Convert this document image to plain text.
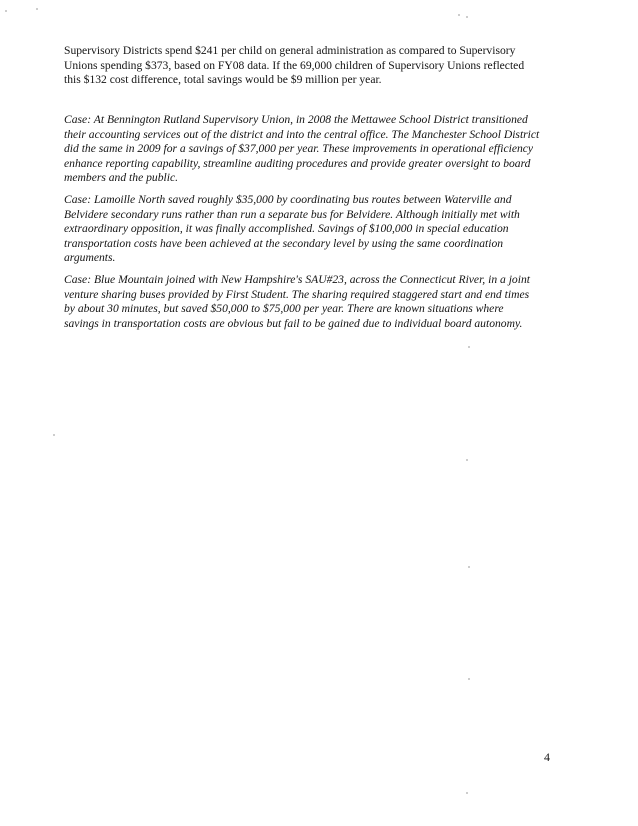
Supervisory Districts spend $241 per child on general administration as compared to Supervisory
Unions spending $373, based on FY08 data. If the 69,000 children of Supervisory Unions reflected
this $132 cost difference, total savings would be $9 million per year.
Case: At Bennington Rutland Supervisory Union, in 2008 the Mettawee School District transitioned
their accounting services out of the district and into the central office. The Manchester School District
did the same in 2009 for a savings of $37,000 per year. These improvements in operational efficiency
enhance reporting capability, streamline auditing procedures and provide greater oversight to board
members and the public.
Case: Lamoille North saved roughly $35,000 by coordinating bus routes between Waterville and
Belvidere secondary runs rather than run a separate bus for Belvidere. Although initially met with
extraordinary opposition, it was finally accomplished. Savings of $100,000 in special education
transportation costs have been achieved at the secondary level by using the same coordination
arguments.
Case: Blue Mountain joined with New Hampshire's SAU#23, across the Connecticut River, in a joint
venture sharing buses provided by First Student. The sharing required staggered start and end times
by about 30 minutes, but saved $50,000 to $75,000 per year. There are known situations where
savings in transportation costs are obvious but fail to be gained due to individual board autonomy.
4
